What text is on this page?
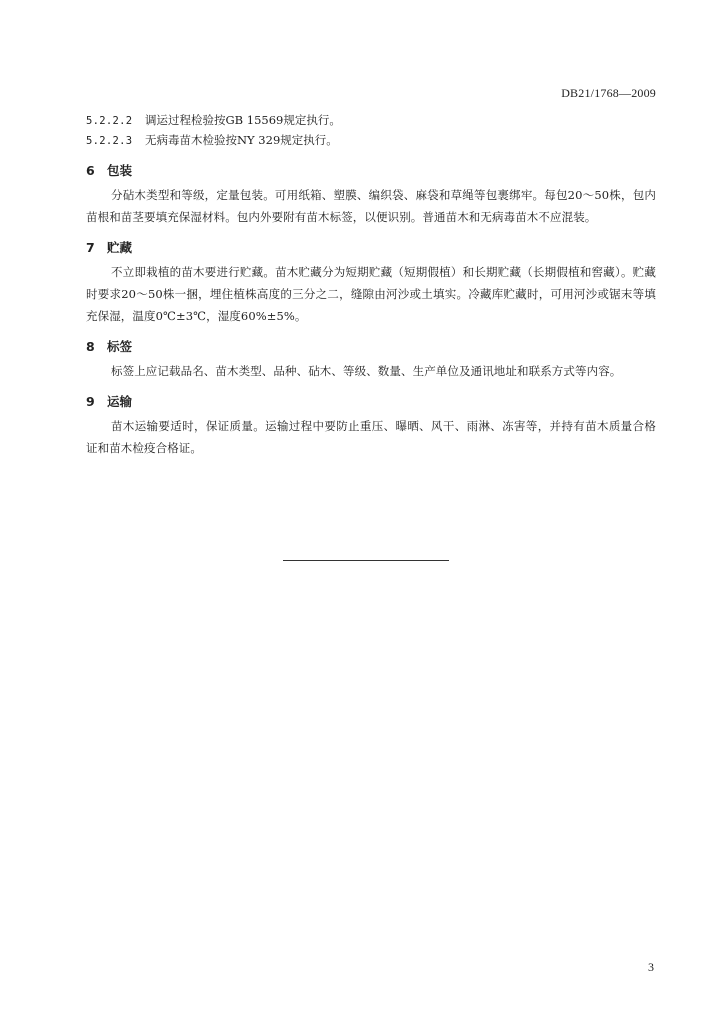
DB21/1768—2009
5.2.2.2 调运过程检验按GB 15569规定执行。
5.2.2.3 无病毒苗木检验按NY 329规定执行。
6 包装

分砧木类型和等级，定量包装。可用纸箱、塑膜、编织袋、麻袋和草绳等包裹绑牢。每包20～50株，包内苗根和苗茎要填充保湿材料。包内外要附有苗木标签，以便识别。普通苗木和无病毒苗木不应混装。

7 贮藏

不立即栽植的苗木要进行贮藏。苗木贮藏分为短期贮藏（短期假植）和长期贮藏（长期假植和窖藏）。贮藏时要求20～50株一捆，埋住植株高度的三分之二，缝隙由河沙或土填实。冷藏库贮藏时，可用河沙或锯末等填充保湿，温度0℃±3℃，湿度60%±5%。

8 标签

标签上应记载品名、苗木类型、品种、砧木、等级、数量、生产单位及通讯地址和联系方式等内容。

9 运输

苗木运输要适时，保证质量。运输过程中要防止重压、曝晒、风干、雨淋、冻害等，并持有苗木质量合格证和苗木检疫合格证。

3
